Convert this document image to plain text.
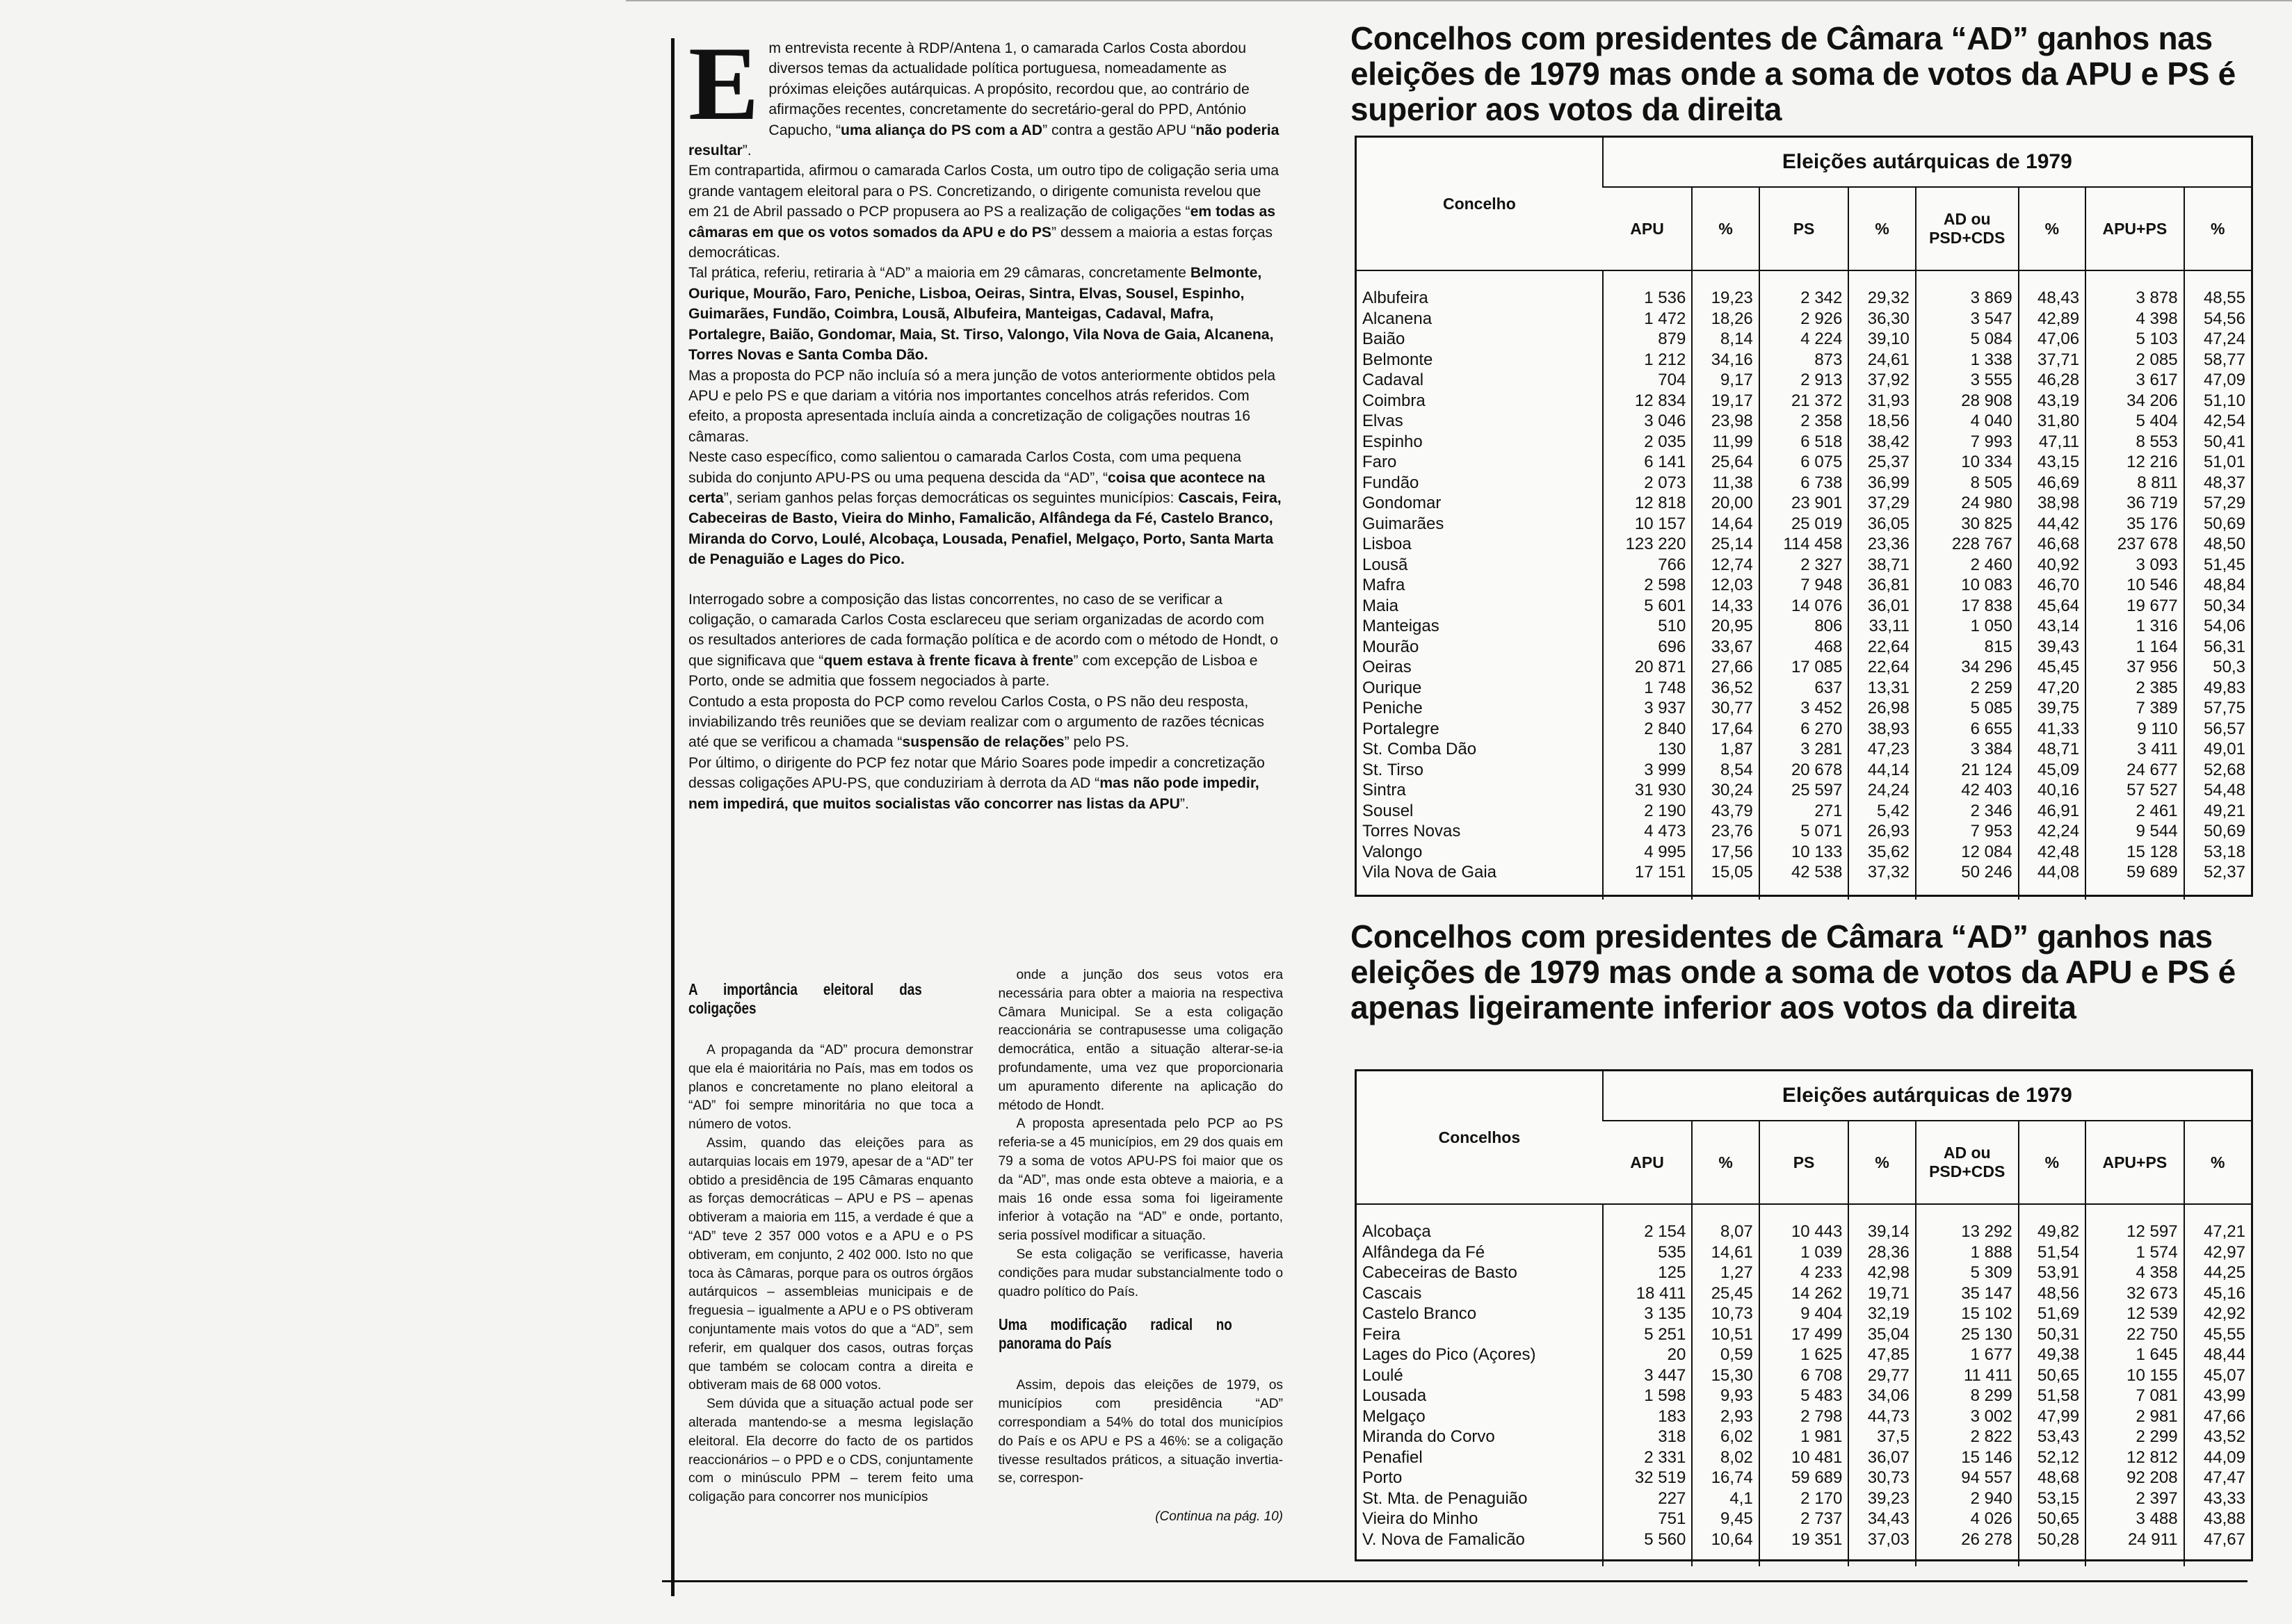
E m entrevista recente à RDP/Antena 1, o camarada Carlos Costa abordou diversos temas da actualidade política portuguesa, nomeadamente as próximas eleições autárquicas. A propósito, recordou que, ao contrário de afirmações recentes, concretamente do secretário-geral do PPD, António Capucho, “uma aliança do PS com a AD” contra a gestão APU “não poderia resultar”.

Em contrapartida, afirmou o camarada Carlos Costa, um outro tipo de coligação seria uma grande vantagem eleitoral para o PS. Concretizando, o dirigente comunista revelou que em 21 de Abril passado o PCP propusera ao PS a realização de coligações “em todas as câmaras em que os votos somados da APU e do PS” dessem a maioria a estas forças democráticas.

Tal prática, referiu, retiraria à “AD” a maioria em 29 câmaras, concretamente Belmonte, Ourique, Mourão, Faro, Peniche, Lisboa, Oeiras, Sintra, Elvas, Sousel, Espinho, Guimarães, Fundão, Coimbra, Lousã, Albufeira, Manteigas, Cadaval, Mafra, Portalegre, Baião, Gondomar, Maia, St. Tirso, Valongo, Vila Nova de Gaia, Alcanena, Torres Novas e Santa Comba Dão.

Mas a proposta do PCP não incluía só a mera junção de votos anteriormente obtidos pela APU e pelo PS e que dariam a vitória nos importantes concelhos atrás referidos. Com efeito, a proposta apresentada incluía ainda a concretização de coligações noutras 16 câmaras.

Neste caso específico, como salientou o camarada Carlos Costa, com uma pequena subida do conjunto APU-PS ou uma pequena descida da “AD”, “coisa que acontece na certa”, seriam ganhos pelas forças democráticas os seguintes municípios: Cascais, Feira, Cabeceiras de Basto, Vieira do Minho, Famalicão, Alfândega da Fé, Castelo Branco, Miranda do Corvo, Loulé, Alcobaça, Lousada, Penafiel, Melgaço, Porto, Santa Marta de Penaguião e Lages do Pico.

Interrogado sobre a composição das listas concorrentes, no caso de se verificar a coligação, o camarada Carlos Costa esclareceu que seriam organizadas de acordo com os resultados anteriores de cada formação política e de acordo com o método de Hondt, o que significava que “quem estava à frente ficava à frente” com excepção de Lisboa e Porto, onde se admitia que fossem negociados à parte.

Contudo a esta proposta do PCP como revelou Carlos Costa, o PS não deu resposta, inviabilizando três reuniões que se deviam realizar com o argumento de razões técnicas até que se verificou a chamada “suspensão de relações” pelo PS.

Por último, o dirigente do PCP fez notar que Mário Soares pode impedir a concretização dessas coligações APU-PS, que conduziriam à derrota da AD “mas não pode impedir, nem impedirá, que muitos socialistas vão concorrer nas listas da APU”.

A importância eleitoral das coligações

A propaganda da “AD” procura demonstrar que ela é maioritária no País, mas em todos os planos e concretamente no plano eleitoral a “AD” foi sempre minoritária no que toca a número de votos.

Assim, quando das eleições para as autarquias locais em 1979, apesar de a “AD” ter obtido a presidência de 195 Câmaras enquanto as forças democráticas – APU e PS – apenas obtiveram a maioria em 115, a verdade é que a “AD” teve 2 357 000 votos e a APU e o PS obtiveram, em conjunto, 2 402 000. Isto no que toca às Câmaras, porque para os outros órgãos autárquicos – assembleias municipais e de freguesia – igualmente a APU e o PS obtiveram conjuntamente mais votos do que a “AD”, sem referir, em qualquer dos casos, outras forças que também se colocam contra a direita e obtiveram mais de 68 000 votos.

Sem dúvida que a situação actual pode ser alterada mantendo-se a mesma legislação eleitoral. Ela decorre do facto de os partidos reaccionários – o PPD e o CDS, conjuntamente com o minúsculo PPM – terem feito uma coligação para concorrer nos municípios

onde a junção dos seus votos era necessária para obter a maioria na respectiva Câmara Municipal. Se a esta coligação reaccionária se contrapusesse uma coligação democrática, então a situação alterar-se-ia profundamente, uma vez que proporcionaria um apuramento diferente na aplicação do método de Hondt.

A proposta apresentada pelo PCP ao PS referia-se a 45 municípios, em 29 dos quais em 79 a soma de votos APU-PS foi maior que os da “AD”, mas onde esta obteve a maioria, e a mais 16 onde essa soma foi ligeiramente inferior à votação na “AD” e onde, portanto, seria possível modificar a situação.

Se esta coligação se verificasse, haveria condições para mudar substancialmente todo o quadro político do País.

Uma modificação radical no panorama do País

Assim, depois das eleições de 1979, os municípios com presidência “AD” correspondiam a 54% do total dos municípios do País e os APU e PS a 46%: se a coligação tivesse resultados práticos, a situação invertia-se, correspon-

(Continua na pág. 10)
Concelhos com presidentes de Câmara “AD” ganhos nas eleições de 1979 mas onde a soma de votos da APU e PS é superior aos votos da direita
Concelho	Eleições autárquicas de 1979							
	APU	%	PS	%	AD ou PSD+CDS	%	APU+PS	%

Albufeira	1 536	19,23	2 342	29,32	3 869	48,43	3 878	48,55
Alcanena	1 472	18,26	2 926	36,30	3 547	42,89	4 398	54,56
Baião	879	8,14	4 224	39,10	5 084	47,06	5 103	47,24
Belmonte	1 212	34,16	873	24,61	1 338	37,71	2 085	58,77
Cadaval	704	9,17	2 913	37,92	3 555	46,28	3 617	47,09
Coimbra	12 834	19,17	21 372	31,93	28 908	43,19	34 206	51,10
Elvas	3 046	23,98	2 358	18,56	4 040	31,80	5 404	42,54
Espinho	2 035	11,99	6 518	38,42	7 993	47,11	8 553	50,41
Faro	6 141	25,64	6 075	25,37	10 334	43,15	12 216	51,01
Fundão	2 073	11,38	6 738	36,99	8 505	46,69	8 811	48,37
Gondomar	12 818	20,00	23 901	37,29	24 980	38,98	36 719	57,29
Guimarães	10 157	14,64	25 019	36,05	30 825	44,42	35 176	50,69
Lisboa	123 220	25,14	114 458	23,36	228 767	46,68	237 678	48,50
Lousã	766	12,74	2 327	38,71	2 460	40,92	3 093	51,45
Mafra	2 598	12,03	7 948	36,81	10 083	46,70	10 546	48,84
Maia	5 601	14,33	14 076	36,01	17 838	45,64	19 677	50,34
Manteigas	510	20,95	806	33,11	1 050	43,14	1 316	54,06
Mourão	696	33,67	468	22,64	815	39,43	1 164	56,31
Oeiras	20 871	27,66	17 085	22,64	34 296	45,45	37 956	50,3
Ourique	1 748	36,52	637	13,31	2 259	47,20	2 385	49,83
Peniche	3 937	30,77	3 452	26,98	5 085	39,75	7 389	57,75
Portalegre	2 840	17,64	6 270	38,93	6 655	41,33	9 110	56,57
St. Comba Dão	130	1,87	3 281	47,23	3 384	48,71	3 411	49,01
St. Tirso	3 999	8,54	20 678	44,14	21 124	45,09	24 677	52,68
Sintra	31 930	30,24	25 597	24,24	42 403	40,16	57 527	54,48
Sousel	2 190	43,79	271	5,42	2 346	46,91	2 461	49,21
Torres Novas	4 473	23,76	5 071	26,93	7 953	42,24	9 544	50,69
Valongo	4 995	17,56	10 133	35,62	12 084	42,48	15 128	53,18
Vila Nova de Gaia	17 151	15,05	42 538	37,32	50 246	44,08	59 689	52,37

Concelhos com presidentes de Câmara “AD” ganhos nas eleições de 1979 mas onde a soma de votos da APU e PS é apenas ligeiramente inferior aos votos da direita
Concelhos	Eleições autárquicas de 1979							
	APU	%	PS	%	AD ou PSD+CDS	%	APU+PS	%

Alcobaça	2 154	8,07	10 443	39,14	13 292	49,82	12 597	47,21
Alfândega da Fé	535	14,61	1 039	28,36	1 888	51,54	1 574	42,97
Cabeceiras de Basto	125	1,27	4 233	42,98	5 309	53,91	4 358	44,25
Cascais	18 411	25,45	14 262	19,71	35 147	48,56	32 673	45,16
Castelo Branco	3 135	10,73	9 404	32,19	15 102	51,69	12 539	42,92
Feira	5 251	10,51	17 499	35,04	25 130	50,31	22 750	45,55
Lages do Pico (Açores)	20	0,59	1 625	47,85	1 677	49,38	1 645	48,44
Loulé	3 447	15,30	6 708	29,77	11 411	50,65	10 155	45,07
Lousada	1 598	9,93	5 483	34,06	8 299	51,58	7 081	43,99
Melgaço	183	2,93	2 798	44,73	3 002	47,99	2 981	47,66
Miranda do Corvo	318	6,02	1 981	37,5	2 822	53,43	2 299	43,52
Penafiel	2 331	8,02	10 481	36,07	15 146	52,12	12 812	44,09
Porto	32 519	16,74	59 689	30,73	94 557	48,68	92 208	47,47
St. Mta. de Penaguião	227	4,1	2 170	39,23	2 940	53,15	2 397	43,33
Vieira do Minho	751	9,45	2 737	34,43	4 026	50,65	3 488	43,88
V. Nova de Famalicão	5 560	10,64	19 351	37,03	26 278	50,28	24 911	47,67
